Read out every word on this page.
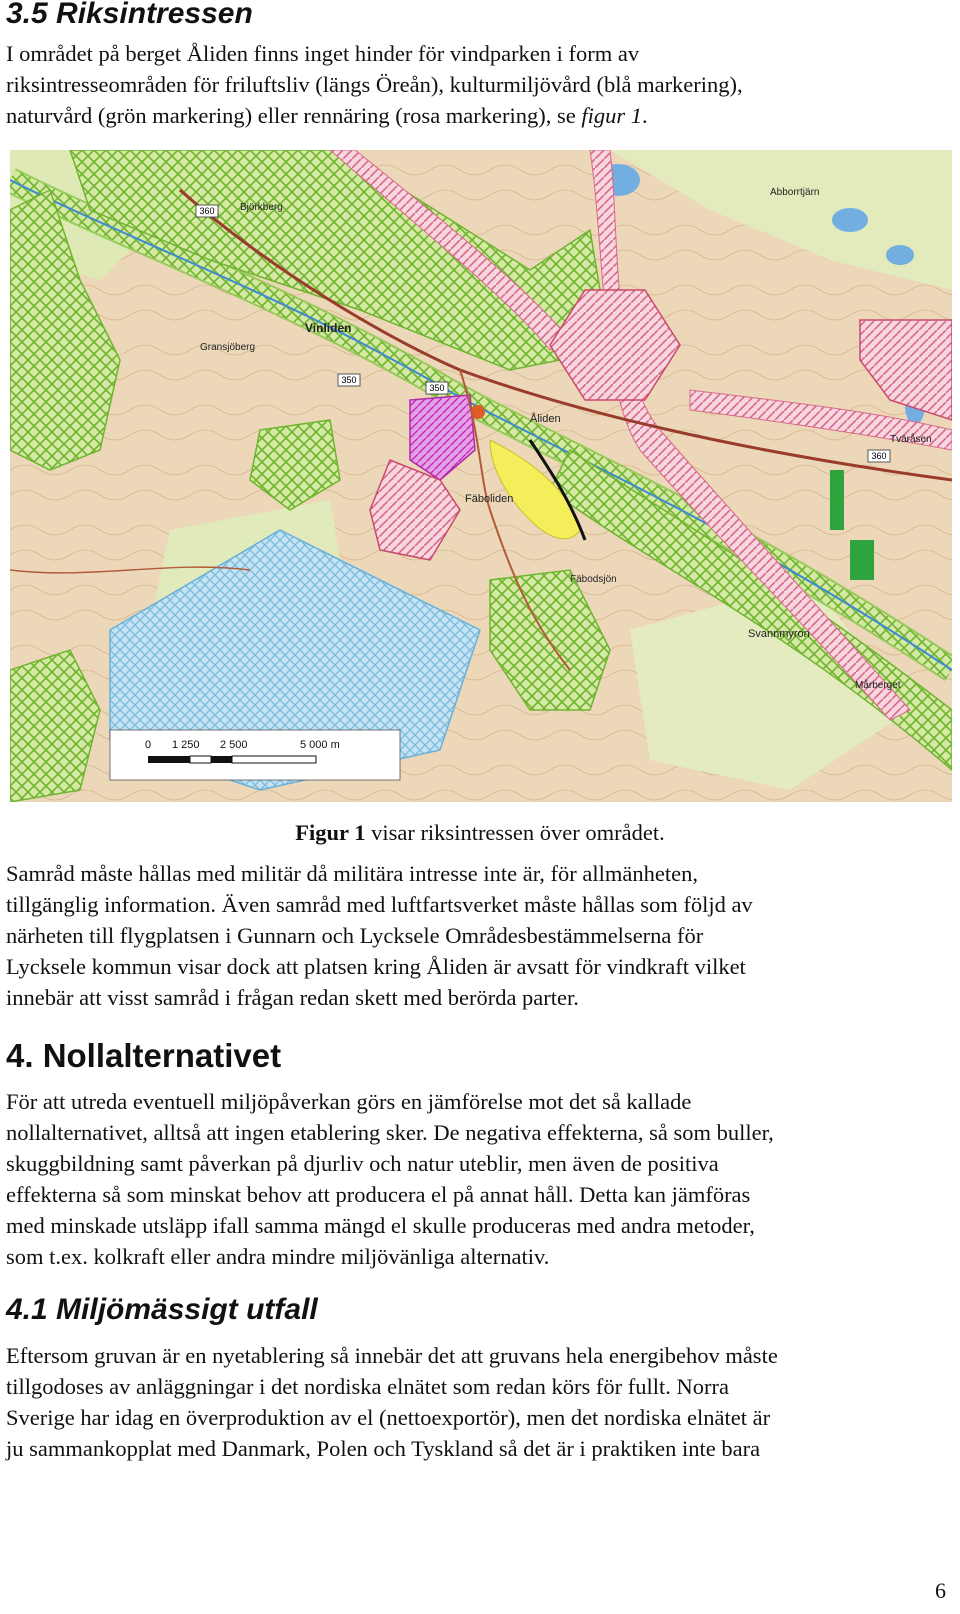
3.5 Riksintressen
I området på berget Åliden finns inget hinder för vindparken i form av
riksintresseområden för friluftsliv (längs Öreån), kulturmiljövård (blå markering),
naturvård (grön markering) eller rennäring (rosa markering), se figur 1.
360
350
350
360
Vinliden
Åliden
Fäboliden
Björkberg
Svannmyron
Tväråsen
Fäbodsjön
Abborrtjärn
Mårberget
Gransjöberg
0 1 250 2 500	5 000 m
Figur 1 visar riksintressen över området.
Samråd måste hållas med militär då militära intresse inte är, för allmänheten,
tillgänglig information. Även samråd med luftfartsverket måste hållas som följd av
närheten till flygplatsen i Gunnarn och Lycksele Områdesbestämmelserna för
Lycksele kommun visar dock att platsen kring Åliden är avsatt för vindkraft vilket
innebär att visst samråd i frågan redan skett med berörda parter.
4. Nollalternativet
För att utreda eventuell miljöpåverkan görs en jämförelse mot det så kallade
nollalternativet, alltså att ingen etablering sker. De negativa effekterna, så som buller,
skuggbildning samt påverkan på djurliv och natur uteblir, men även de positiva
effekterna så som minskat behov att producera el på annat håll. Detta kan jämföras
med minskade utsläpp ifall samma mängd el skulle produceras med andra metoder,
som t.ex. kolkraft eller andra mindre miljövänliga alternativ.
4.1 Miljömässigt utfall
Eftersom gruvan är en nyetablering så innebär det att gruvans hela energibehov måste
tillgodoses av anläggningar i det nordiska elnätet som redan körs för fullt. Norra
Sverige har idag en överproduktion av el (nettoexportör), men det nordiska elnätet är
ju sammankopplat med Danmark, Polen och Tyskland så det är i praktiken inte bara
6
